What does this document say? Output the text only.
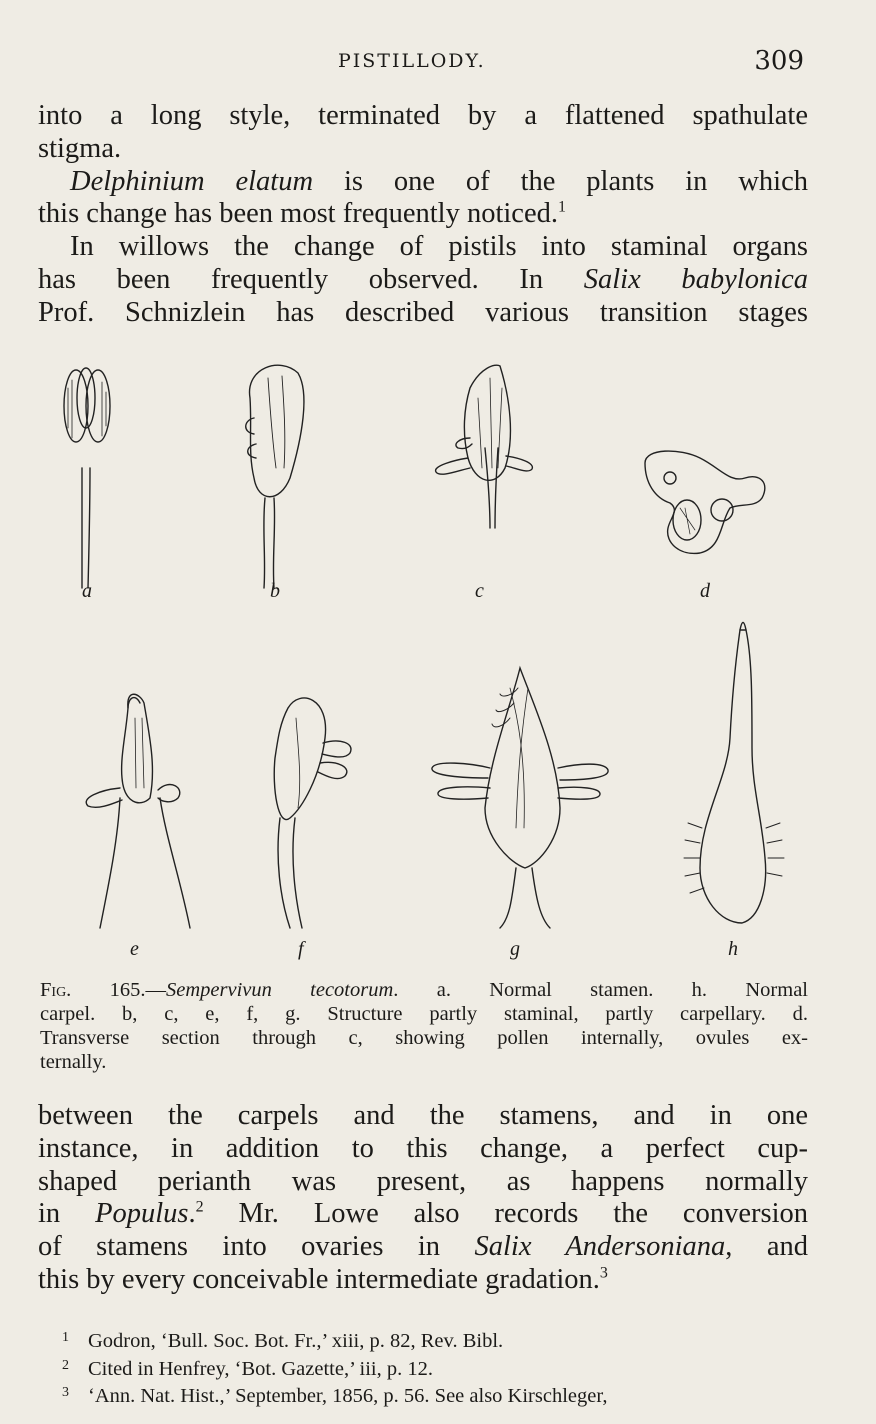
PISTILLODY.	309
into a long style, terminated by a flattened spathulate
stigma.
Delphinium elatum is one of the plants in which
this change has been most frequently noticed.$^1$
In willows the change of pistils into staminal organs
has been frequently observed. In Salix babylonica
Prof. Schnizlein has described various transition stages
a	b	c	d
e	f	g	h
Fig. 165.—Sempervivun tecotorum. a. Normal stamen. h. Normal
carpel. b, c, e, f, g. Structure partly staminal, partly carpellary. d.
Transverse section through c, showing pollen internally, ovules ex-
ternally.
between the carpels and the stamens, and in one
instance, in addition to this change, a perfect cup-
shaped perianth was present, as happens normally
in Populus.$^2$ Mr. Lowe also records the conversion
of stamens into ovaries in Salix Andersoniana, and
this by every conceivable intermediate gradation.$^3$
1 Godron, ‘Bull. Soc. Bot. Fr.,’ xiii, p. 82, Rev. Bibl.
2 Cited in Henfrey, ‘Bot. Gazette,’ iii, p. 12.
3 ‘Ann. Nat. Hist.,’ September, 1856, p. 56. See also Kirschleger,
